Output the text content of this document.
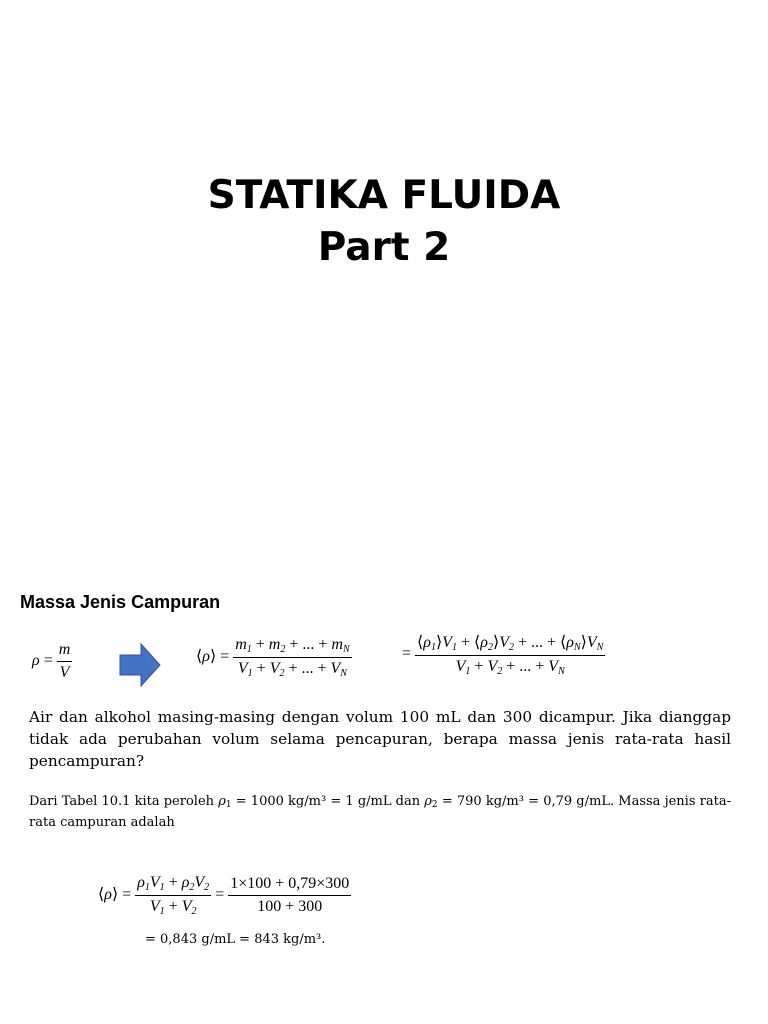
STATIKA FLUIDA
Part 2
Massa Jenis Campuran
$\rho = \frac{m}{V}$	⟨ρ⟩ = $\frac{m_1 + m_2 + ... + m_N}{V_1 + V_2 + ... + V_N}$	= $\frac{⟨\rho_1⟩V_1 + ⟨\rho_2⟩V_2 + ... + ⟨\rho_N⟩V_N}{V_1 + V_2 + ... + V_N}$
Air dan alkohol masing-masing dengan volum 100 mL dan 300 dicampur. Jika dianggap tidak ada perubahan volum selama pencapuran, berapa massa jenis rata-rata hasil pencampuran?
Dari Tabel 10.1 kita peroleh ρ1 = 1000 kg/m³ = 1 g/mL dan ρ2 = 790 kg/m³ = 0,79 g/mL. Massa jenis rata-rata campuran adalah
⟨ρ⟩ = $\frac{\rho_1V_1 + \rho_2V_2}{V_1 + V_2} = \frac{1\times 100 + 0,79\times 300}{100 + 300}$
= 0,843 g/mL = 843 kg/m³.
